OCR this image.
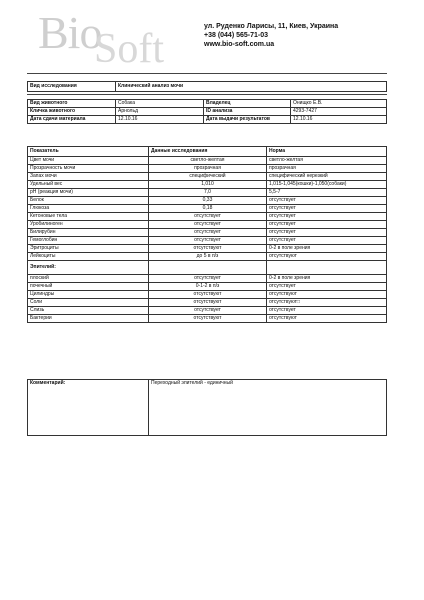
Bio
Soft	ул. Руденко Ларисы, 11, Киев, Украина
+38 (044) 565-71-03
www.bio-soft.com.ua
Вид исследования	Клинический анализ мочи
Вид животного	Собака	Владелец	Онищко Е.В.
Кличка животного	Арнольд	ID анализа	4293-7427
Дата сдачи материала	12.10.16	Дата выдачи результатов	12.10.16
Показатель	Данные исследования	Норма
Цвет мочи	светло-желтая	светло-желтая
Прозрачность мочи	прозрачная	прозрачная
Запах мочи	специфический	специфический нерезкий
Удельный вес	1,010	1,015-1,045(кошки)-1,050(собаки)
pH (реакция мочи)	7,0	5,5-7
Белок	0,33	отсутствует
Глюкоза	0,18	отсутствует
Кетоновые тела	отсутствует	отсутствует
Уробилиноген	отсутствует	отсутствует
Билирубин	отсутствует	отсутствует
Гемоглобин	отсутствует	отсутствует
Эритроциты	отсутствуют	0-2 в поле зрения
Лейкоциты	до 5 в п/з	отсутствуют
Эпителий:		
плоский	отсутствует	0-2 в поле зрения
почечный	0-1-2 в п/з	отсутствует
Цилиндры	отсутствуют	отсутствуют
Соли	отсутствуют	отсутствуют□
Слизь	отсутствует	отсутствует
Бактерии	отсутствуют	отсутствуют
Комментарий:	Переходный эпителий - единичный
